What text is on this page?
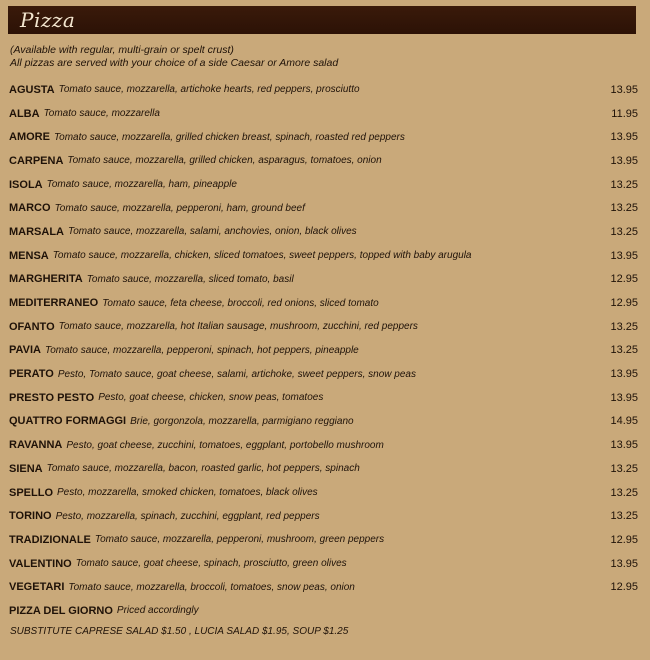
Pizza
(Available with regular, multi-grain or spelt crust)
All pizzas are served with your choice of a side Caesar or Amore salad
AGUSTA Tomato sauce, mozzarella, artichoke hearts, red peppers, prosciutto	13.95
ALBA Tomato sauce, mozzarella	11.95
AMORE Tomato sauce, mozzarella, grilled chicken breast, spinach, roasted red peppers	13.95
CARPENA Tomato sauce, mozzarella, grilled chicken, asparagus, tomatoes, onion	13.95
ISOLA Tomato sauce, mozzarella, ham, pineapple	13.25
MARCO Tomato sauce, mozzarella, pepperoni, ham, ground beef	13.25
MARSALA Tomato sauce, mozzarella, salami, anchovies, onion, black olives	13.25
MENSA Tomato sauce, mozzarella, chicken, sliced tomatoes, sweet peppers, topped with baby arugula	13.95
MARGHERITA Tomato sauce, mozzarella, sliced tomato, basil	12.95
MEDITERRANEO Tomato sauce, feta cheese, broccoli, red onions, sliced tomato	12.95
OFANTO Tomato sauce, mozzarella, hot Italian sausage, mushroom, zucchini, red peppers	13.25
PAVIA Tomato sauce, mozzarella, pepperoni, spinach, hot peppers, pineapple	13.25
PERATO Pesto, Tomato sauce, goat cheese, salami, artichoke, sweet peppers, snow peas	13.95
PRESTO PESTO Pesto, goat cheese, chicken, snow peas, tomatoes	13.95
QUATTRO FORMAGGI Brie, gorgonzola, mozzarella, parmigiano reggiano	14.95
RAVANNA Pesto, goat cheese, zucchini, tomatoes, eggplant, portobello mushroom	13.95
SIENA Tomato sauce, mozzarella, bacon, roasted garlic, hot peppers, spinach	13.25
SPELLO Pesto, mozzarella, smoked chicken, tomatoes, black olives	13.25
TORINO Pesto, mozzarella, spinach, zucchini, eggplant, red peppers	13.25
TRADIZIONALE Tomato sauce, mozzarella, pepperoni, mushroom, green peppers	12.95
VALENTINO Tomato sauce, goat cheese, spinach, prosciutto, green olives	13.95
VEGETARI Tomato sauce, mozzarella, broccoli, tomatoes, snow peas, onion	12.95
PIZZA DEL GIORNO Priced accordingly
SUBSTITUTE CAPRESE SALAD $1.50 , LUCIA SALAD $1.95, SOUP $1.25
